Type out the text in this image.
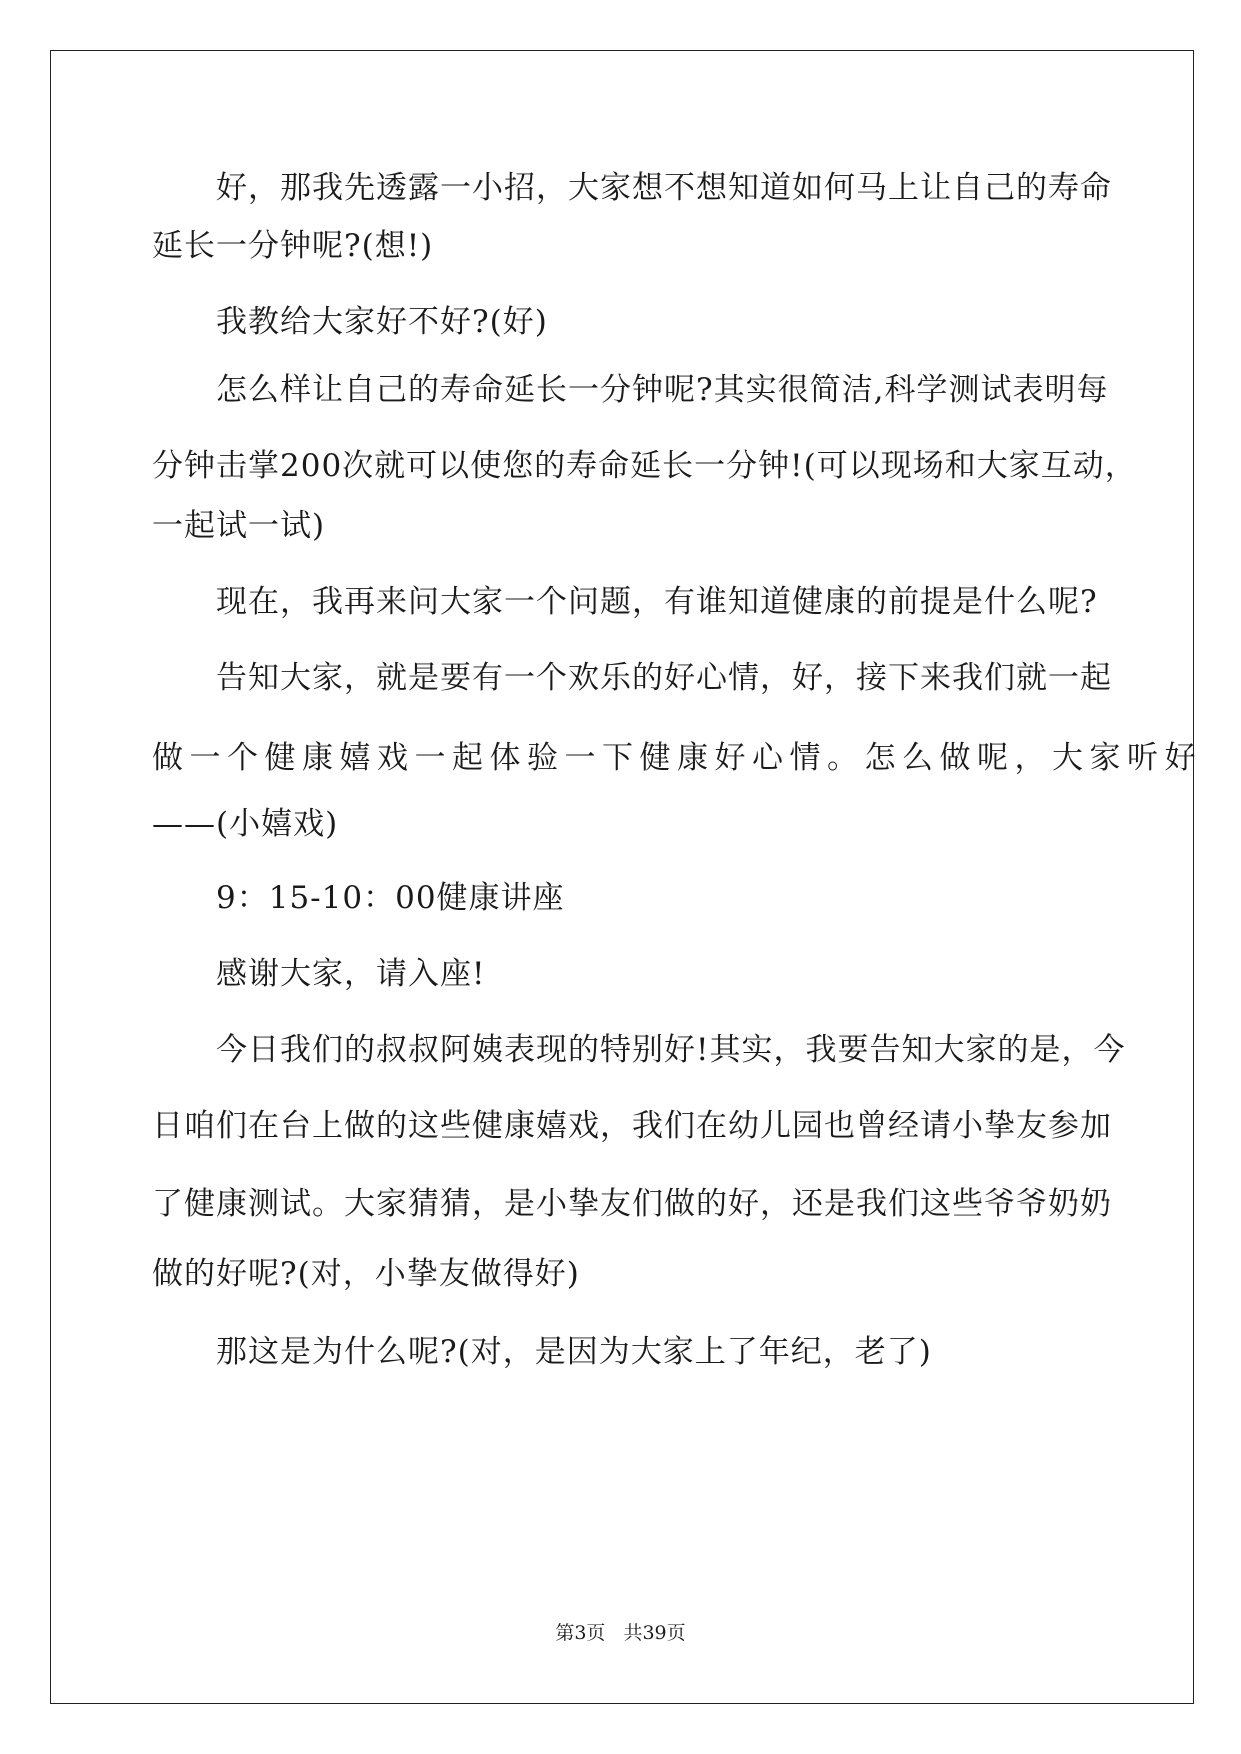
好，那我先透露一小招，大家想不想知道如何马上让自己的寿命
延长一分钟呢?(想!)
我教给大家好不好?(好)
怎么样让自己的寿命延长一分钟呢?其实很简洁,科学测试表明每
分钟击掌200次就可以使您的寿命延长一分钟!(可以现场和大家互动，
一起试一试)
现在，我再来问大家一个问题，有谁知道健康的前提是什么呢?
告知大家，就是要有一个欢乐的好心情，好，接下来我们就一起
做一个健康嬉戏一起体验一下健康好心情。怎么做呢，大家听好
——(小嬉戏)
9：15-10：00健康讲座
感谢大家，请入座!
今日我们的叔叔阿姨表现的特别好!其实，我要告知大家的是，今
日咱们在台上做的这些健康嬉戏，我们在幼儿园也曾经请小挚友参加
了健康测试。大家猜猜，是小挚友们做的好，还是我们这些爷爷奶奶
做的好呢?(对，小挚友做得好)
那这是为什么呢?(对，是因为大家上了年纪，老了)
第3页 共39页
